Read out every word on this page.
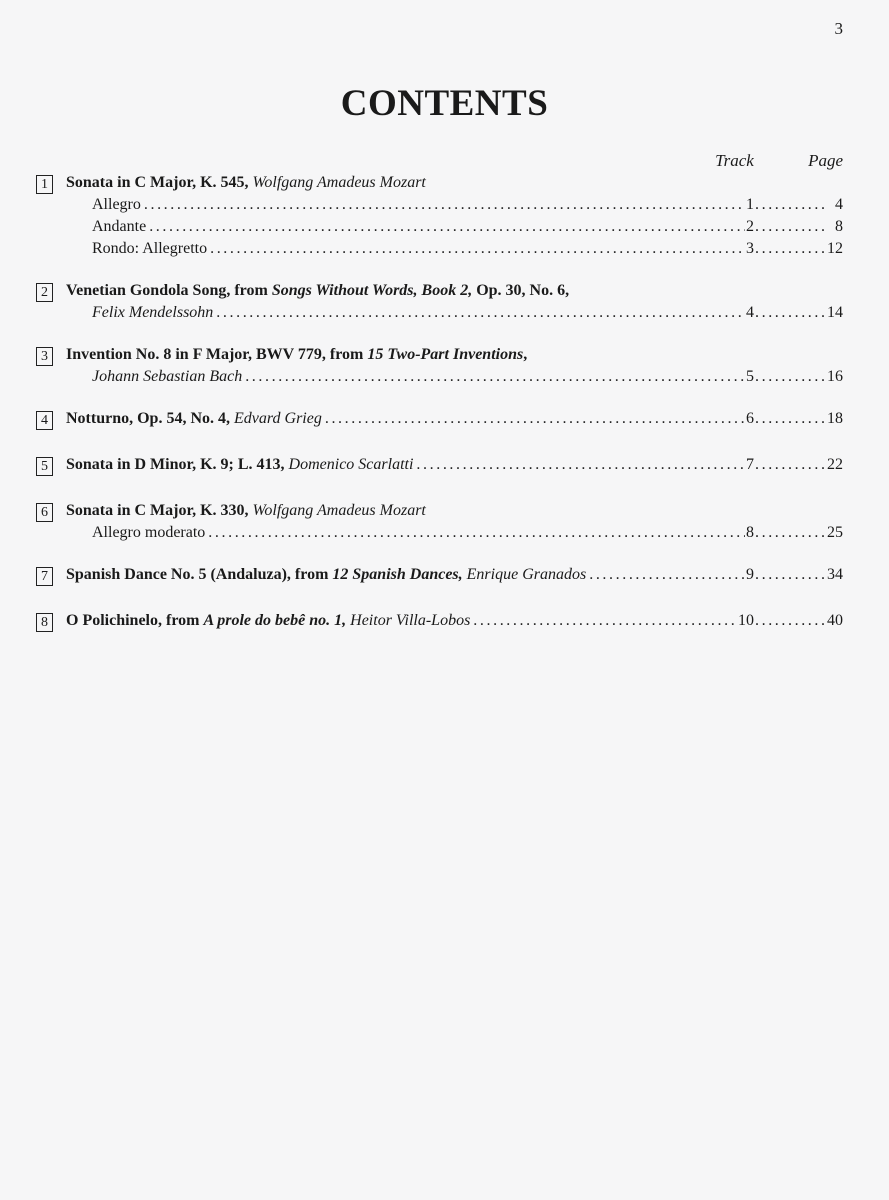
3
CONTENTS
Track	Page
1	Sonata in C Major, K. 545, Wolfgang Amadeus Mozart
Allegro .....	1 .....	4
Andante .....	2 .....	8
Rondo: Allegretto .....	3 .....	12
2	Venetian Gondola Song, from Songs Without Words, Book 2, Op. 30, No. 6,
Felix Mendelssohn .....	4 .....	14
3	Invention No. 8 in F Major, BWV 779, from 15 Two-Part Inventions,
Johann Sebastian Bach .....	5 .....	16
4	Notturno, Op. 54, No. 4, Edvard Grieg .....	6 .....	18
5	Sonata in D Minor, K. 9; L. 413, Domenico Scarlatti .....	7 .....	22
6	Sonata in C Major, K. 330, Wolfgang Amadeus Mozart
Allegro moderato .....	8 .....	25
7	Spanish Dance No. 5 (Andaluza), from 12 Spanish Dances, Enrique Granados .....	9 .....	34
8	O Polichinelo, from A prole do bebê no. 1, Heitor Villa-Lobos .....	10 .....	40
